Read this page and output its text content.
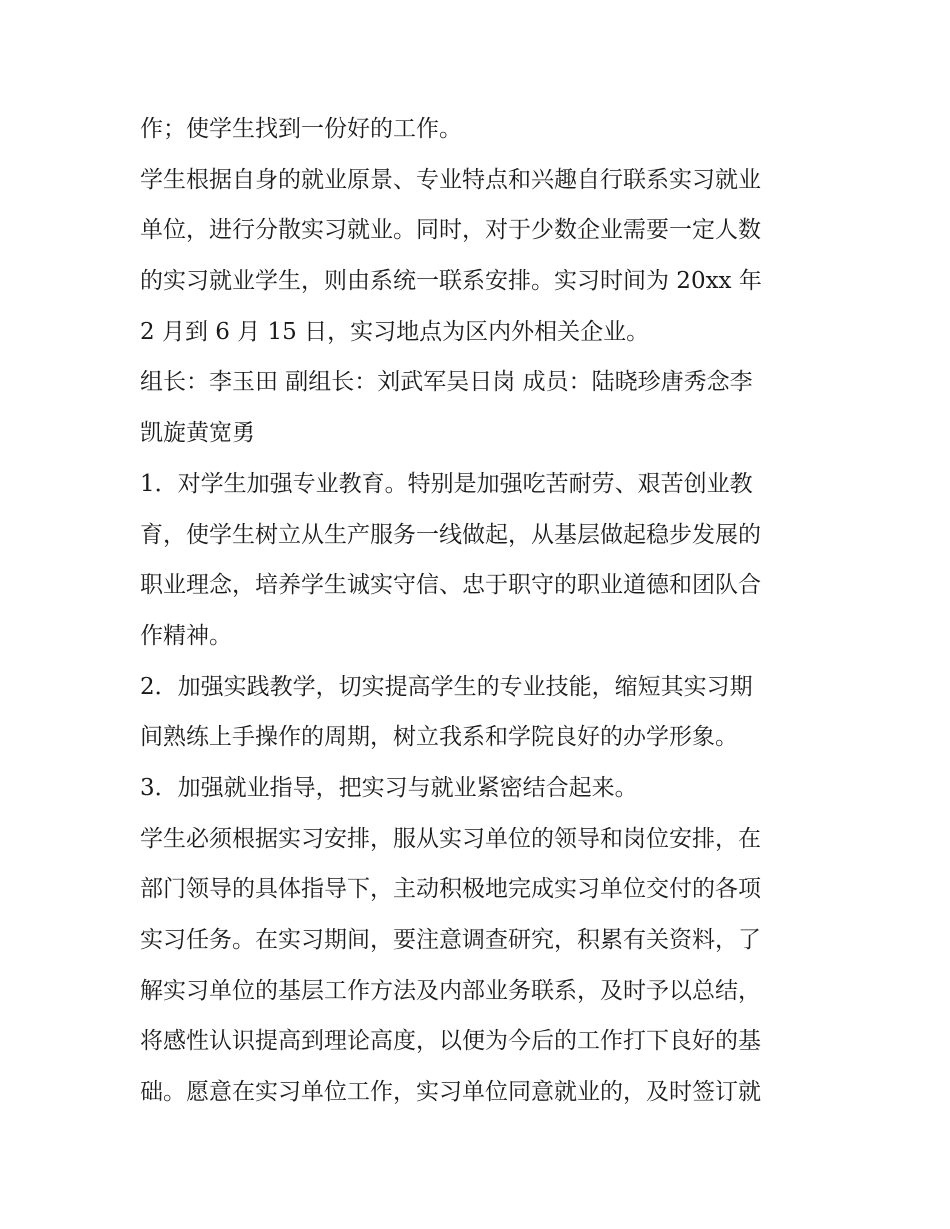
作；使学生找到一份好的工作。
学生根据自身的就业原景、专业特点和兴趣自行联系实习就业
单位，进行分散实习就业。同时，对于少数企业需要一定人数
的实习就业学生，则由系统一联系安排。实习时间为 20xx 年
2 月到 6 月 15 日，实习地点为区内外相关企业。
组长：李玉田 副组长：刘武军吴日岗 成员：陆晓珍唐秀念李
凯旋黄宽勇
1．对学生加强专业教育。特别是加强吃苦耐劳、艰苦创业教
育，使学生树立从生产服务一线做起，从基层做起稳步发展的
职业理念，培养学生诚实守信、忠于职守的职业道德和团队合
作精神。
2．加强实践教学，切实提高学生的专业技能，缩短其实习期
间熟练上手操作的周期，树立我系和学院良好的办学形象。
3．加强就业指导，把实习与就业紧密结合起来。
学生必须根据实习安排，服从实习单位的领导和岗位安排，在
部门领导的具体指导下，主动积极地完成实习单位交付的各项
实习任务。在实习期间，要注意调查研究，积累有关资料，了
解实习单位的基层工作方法及内部业务联系，及时予以总结，
将感性认识提高到理论高度，以便为今后的工作打下良好的基
础。愿意在实习单位工作，实习单位同意就业的，及时签订就
